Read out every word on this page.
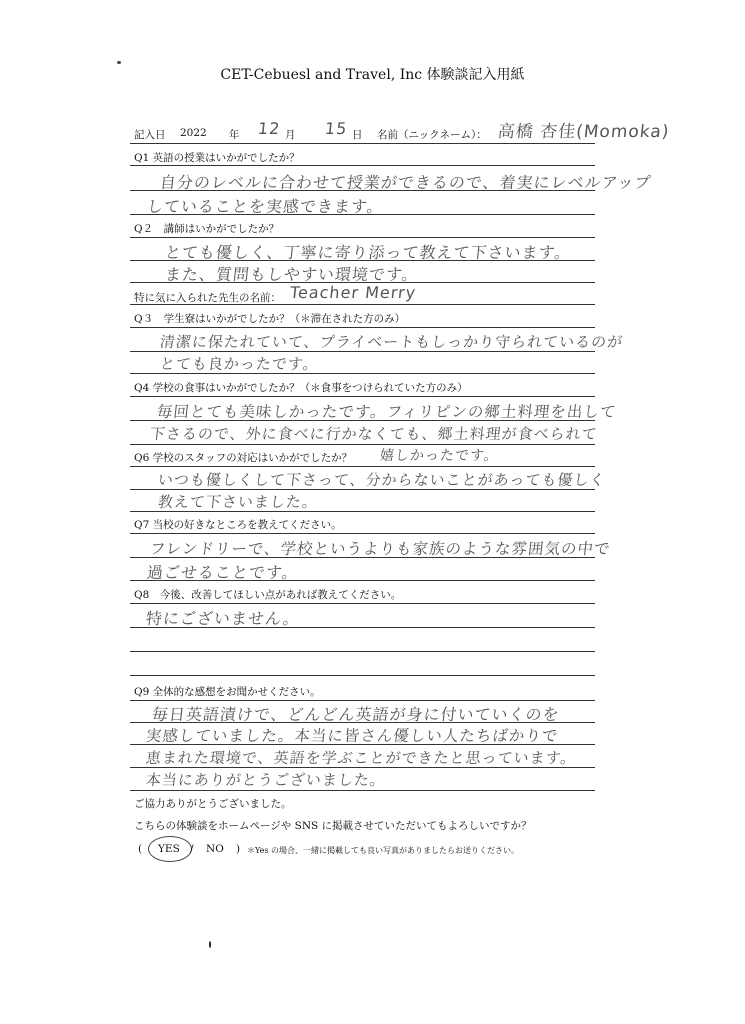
CET-Cebuesl and Travel, Inc 体験談記入用紙
記入日 2022 年 12 月 15 日 名前（ニックネーム）： 高橋 杏佳(Momoka)
Q1 英語の授業はいかがでしたか？
自分のレベルに合わせて授業ができるので、着実にレベルアップ
していることを実感できます。
Q２　講師はいかがでしたか？
とても優しく、丁寧に寄り添って教えて下さいます。
また、質問もしやすい環境です。
特に気に入られた先生の名前： Teacher Merry
Q３　学生寮はいかがでしたか？（＊滞在された方のみ）
清潔に保たれていて、プライベートもしっかり守られているのが
とても良かったです。
Q4 学校の食事はいかがでしたか？（＊食事をつけられていた方のみ）
毎回とても美味しかったです。フィリピンの郷土料理を出して
下さるので、外に食べに行かなくても、郷土料理が食べられて
Q6 学校のスタッフの対応はいかがでしたか？ 嬉しかったです。
いつも優しくして下さって、分からないことがあっても優しく
教えて下さいました。
Q7 当校の好きなところを教えてください。
フレンドリーで、学校というよりも家族のような雰囲気の中で
過ごせることです。
Q8　今後、改善してほしい点があれば教えてください。
特にございません。
Q9 全体的な感想をお聞かせください。
毎日英語漬けで、どんどん英語が身に付いていくのを
実感していました。本当に皆さん優しい人たちばかりで
恵まれた環境で、英語を学ぶことができたと思っています。
本当にありがとうございました。
ご協力ありがとうございました。
こちらの体験談をホームページや SNS に掲載させていただいてもよろしいですか？
( YES / NO ) ＊Yes の場合、一緒に掲載しても良い写真がありましたらお送りください。
